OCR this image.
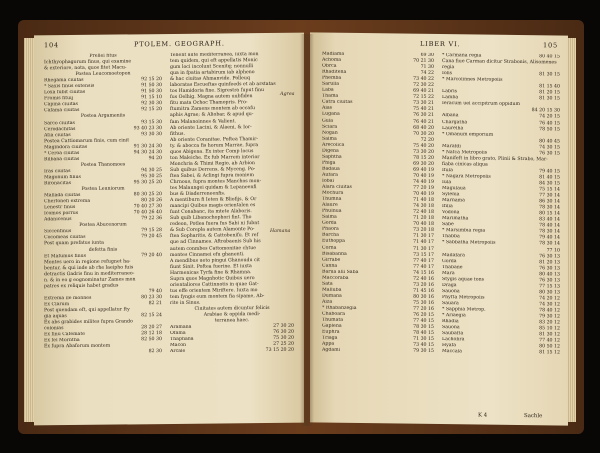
104	PTOLEM. GEOGRAPH.
Prellei fitus
Ichthyophagorum finus, qui examine
& exteriore, nota, quos fitet Macu-
Postea Leucomoetopon
Rhegama ciuitas	92 15 20
* Saxis finus extensis	91 50 30
Loxa fubit ciuitas	91 50 30
Fromis fituij	91 15 10
Capina ciuitas	92 30 30
Cafama ciuitas	92 15 20
Postea Argameniis
Sarco ciuitas	93 15 30
Cerodachitas	93 40 23 30
Atia ciuitas	93 30 30
Postea Cattiomarum finis, cum cinit
Magindora ciuitas	91 30 24 30
* Ceroa ciuitas	94 30 24 30
Bilbana ciuitas	94 20
Postea Thanomoes
Iras ciuitas	94 30 25
Magonum finus	95 30 25
Bironacitas	95 30 25 20
Postea Leuniorum
Mallada ciuitas	80 30 25 20
Cherfonefi extrema	80 20 26
Lenestr finus	70 40 27 30
Icomos porrus	70 40 26 40
Adanicenus	79 22 36
Postea Abucenorum
Siccenfinus	79 15 28
Cocomeas ciuitas	79 20 45
Post quam prefatus iunta
defetta finis
Et Mafumus finus	79 20 40
Montes uero in regione refugnet ha-
bentur, & qui inde ab rhe laeipho fuis
detractis Gadris finu in mediterraneo-
n. & in eo g eognominatur Zames mon
patres ex reliquis habet gradus
79 40
Extrema ile monnes	80 23 30
Ex Clarum	82 21
Post quendam eft, qui appellatur fty
gia aquas	82 15 24
Ex abs grabides milites fupra Grando
colonias	28 20 27
Ex finu Cafemate	28 12 18
Ex fel Morntha	82 50 30
Ex fupra Abaforum montem
82 30
Tenent aute mediterranea, iuxta mon
tem quidem, qui eft appellatis Monic
gum loci incolunt Scenitq; nonnulli
qua in fpatia artabirum iab alpheno
& hac ciuitas Ahmanvide. Polleuq
laboratas Escueftas quinfeeds et ab arstatas
tos Hamidoria fine. Sigrestra fuput finu
fus Oelhig. Magna autem uubfiden
fitu mata Ochoc Thamopris. Pro-
ftumitra Zamens montem ab occafu
aphis Agrae; & Aliobar, & apud qu-
fam Malanoinnes & Valient.
Ab oriente Lacini, & Alaeni, & Ior-
fithus.
Ab oriente Coranitae. Poftea Thamir-
ty. & abocca fis horum Marrae, fupra
quos Abigena. Ex inter Comp locus
ton Maleiche. Ex fub Marrem interior
Monchria & Thimi Regio, ab Arbion
Sub quibus Derrens, & Myceng. Po-
ftea Sabei, & Aclingi fupra moniem
Chrnous, fupra montes Manchos mon-
tes Malaungei quidam & Lepaneenfi
bus & Diaderreneenfis.
A mentiburn fi Ieten & Bliofijs, & Or
mancipi Quibus magis orientalen es
funt Conabanc, ita mtete Alaboris.
Sub quib Libanochophori fint. Tho
redeon, Potlea fuera fus Sabi ni fubnt
& Sub Corepla autem Alamonte Po-
ftea Sopharitis, & Cattobenifu. Et ref
que ad Cinnames. Aftrabaenis Sub his
autem conmbes Cattomonitae chtue
montes Cinnamei efu ghanenti.
A mendibus ueto pingui Ghanoudu cit
fiunt Sinit. Poftea fuerine. Et iuxta
Harmenicas Tyrfa fine & Rhamna.
Supra quos Magnhotic Quibus uero
orientaliores Cattinnotis in quae Gat-
tus effe orientem Miriftere. Iuxta mo
tem fyngis eum montem fia sipame, Ab-
rite in Sinus.
Ciuitates autem dicuntur felicis
Arabiae & oppida medi-
terranea haec.
Aramana	27 30 20
Ofama	76 30 20
Thaphana	75 30 20
Macon	27 25 20
Arcale	73 15 20 20
LIBER VI.	105
Madiama	69 30
Achoma	70 21 30
Obrca	71 30
Rhaditena	74 22
Phemba	73 40 22
Sarulla	72 30 22
Laba	69 40 21
Thama	72 15 22
Catra ciuitas	73 30 21
Aias	75 40 21
Lugana	76 30 21
Gula	76 40 21
Sciara	68 40 20
Nogan	70 30 20
Salma	72 20
Arecolica	75 40 20
Digena	73 30 20
Saphtha	78 15 20
Phiga	69 30 20
Badaua	69 40 19
Aufara	70 40 19
Iobai	74 40 19
Alara ciuitas	77 20 19
Mochura	70 40 19
Thumna	71 40 18
Alaure	74 30 18
Phulnua	72 40 18
Salma	71 20 18
Gorda	70 40 18
Phaora	73 20 18
Barcha	71 30 17
Euthoppa	71 40 17
Corna	71 30 17
Bisabanna	73 15 17
Girrabe	77 40 17
Canna	77 40 17
Barua alii Saba	74 15 16
Maccoraba	72 40 16
Sata	73 20 16
Malluba	71 45 16
Dumana	80 30 16
Aiza	75 30 16
* Rhabanzegia	77 20 16
Chaboara	76 20 15
Thumata	77 40 15
Gaplena	78 30 15
Euphra	78 40 15
Triaga	71 30 15
Appa	73 40 15
Agdami	79 30 15
* Carmana regia	80 40 15
Cana fiue Carman dicitur Strabonis, Alisomenes
regia
Iolis	81 30 15
* Marcolinnes Metropolis
81 15 40
Labris	81 20 15
Lamba	81 30 15
Ieracum uel accipitrum oppidum
84 20 15 30
Albana	74 20 15
Chargatha	76 40 15
Laurelha	78 50 15
* Omanum emporium
80 40 45
Marafdi	74 30 15
* Nafca Metropolis	76 30 15
Manifeft in libro grato, Plinii & Strabo, Mar-
fiaba cinicas aliqua
Ifula	79 40 15
* Nagara Metropolis	81 40 15
Iula	84 30 15
Magulaua	75 15 14
Sylenia	77 30 14
Marnama	86 30 14
Ifilia	78 30 14
Vodona	80 15 14
Marimatha	83 40 14
Sabe	78 40 14
* Marsimbia regia	78 30 14
Thabba	79 40 14
* Sabbatha Metropolis	78 30 14
77 10
Madafara	76 30 13
Gorda	81 20 13
Thabane	76 30 13
Mara	80 40 13
Stygis aquae fons	76 30 13
Draga	77 15 13
Sauona	80 30 13
Phyfta Metropolis	74 20 12
Sauara	74 30 12
* Sapphia Metrop.	78 40 12
* Ariaegia	79 30 12
Rhadia	83 20 12
Sauona	85 10 12
Saubafta	81 30 12
Lachobra	77 40 12
Hyafa	80 50 12
Maccala	81 15 12
K 4	Sachle
Agrea
Hamana
